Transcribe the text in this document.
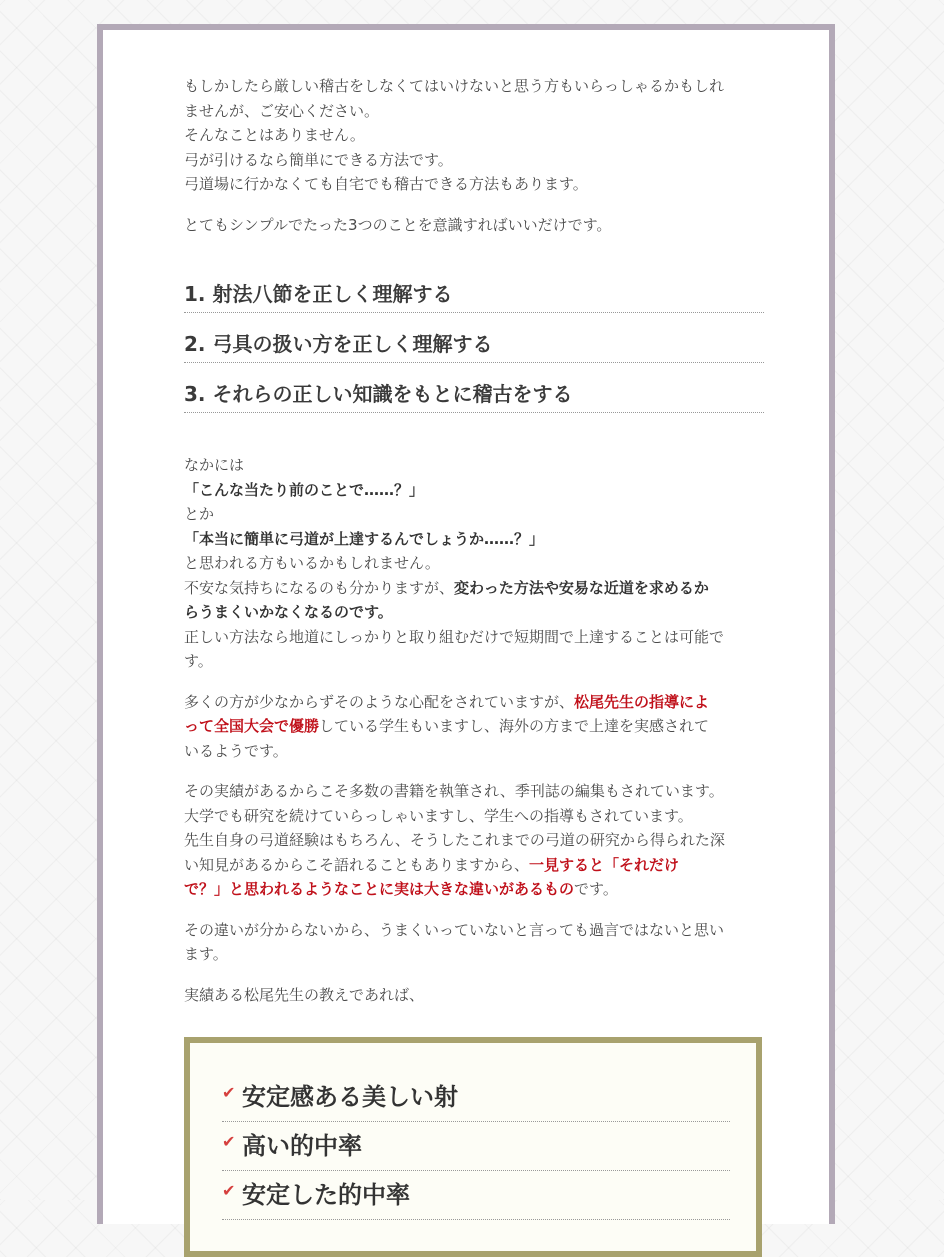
もしかしたら厳しい稽古をしなくてはいけないと思う方もいらっしゃるかもしれ
ませんが、ご安心ください。
そんなことはありません。
弓が引けるなら簡単にできる方法です。
弓道場に行かなくても自宅でも稽古できる方法もあります。

とてもシンプルでたった3つのことを意識すればいいだけです。

1. 射法八節を正しく理解する
2. 弓具の扱い方を正しく理解する
3. それらの正しい知識をもとに稽古をする

なかには
「こんな当たり前のことで……？」
とか
「本当に簡単に弓道が上達するんでしょうか……？」
と思われる方もいるかもしれません。
不安な気持ちになるのも分かりますが、変わった方法や安易な近道を求めるか
らうまくいかなくなるのです。
正しい方法なら地道にしっかりと取り組むだけで短期間で上達することは可能で
す。

多くの方が少なからずそのような心配をされていますが、松尾先生の指導によ
って全国大会で優勝している学生もいますし、海外の方まで上達を実感されて
いるようです。

その実績があるからこそ多数の書籍を執筆され、季刊誌の編集もされています。
大学でも研究を続けていらっしゃいますし、学生への指導もされています。
先生自身の弓道経験はもちろん、そうしたこれまでの弓道の研究から得られた深
い知見があるからこそ語れることもありますから、一見すると「それだけ
で？」と思われるようなことに実は大きな違いがあるものです。

その違いが分からないから、うまくいっていないと言っても過言ではないと思い
ます。

実績ある松尾先生の教えであれば、

✔ 安定感ある美しい射
✔ 高い的中率
✔ 安定した的中率
